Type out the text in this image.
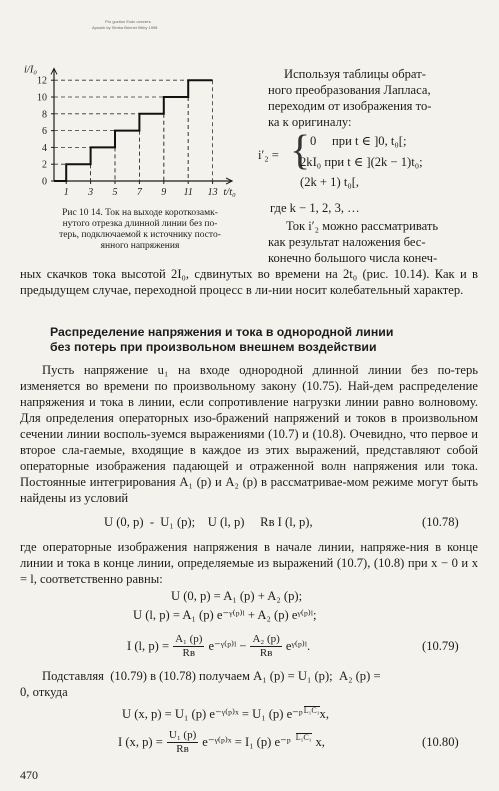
Pro guction Exdc oсесеть
Apsukh by Simba Brinner Bbhy 1998
12
10
8
6
4
2
0
1 3 5 7 9 11 13
i/I₀
t/t₀
Рис 10 14. Ток на выходе короткозамк-
нутого отрезка длинной линии без по-
терь, подключаемой к источнику посто-
янного напряжения
Используя таблицы обрат-
ного преобразования Лапласа,
переходим от изображения то-
ка к оригиналу:
i′₂ = { 0     при t ∈ ]0, t₀[;
2kI₀ при t ∈ ](2k − 1)t₀;
(2k + 1) t₀[,
где k − 1, 2, 3, …
Ток i′₂ можно рассматривать
как результат наложения бес-
конечно большого числа конеч-
ных скачков тока высотой 2I₀, сдвинутых во времени на 2t₀ (рис. 10.14). Как и в предыдущем случае, переходной процесс в ли-нии носит колебательный характер.
Распределение напряжения и тока в однородной линии
без потерь при произвольном внешнем воздействии
Пусть напряжение u₁ на входе однородной длинной линии без по-терь изменяется во времени по произвольному закону (10.75). Най-дем распределение напряжения и тока в линии, если сопротивление нагрузки линии равно волновому. Для определения операторных изо-бражений напряжений и токов в произвольном сечении линии восполь-зуемся выражениями (10.7) и (10.8). Очевидно, что первое и второе сла-гаемые, входящие в каждое из этих выражений, представляют собой операторные изображения падающей и отраженной волн напряжения или тока. Постоянные интегрирования A₁ (p) и A₂ (p) в рассматривае-мом режиме могут быть найдены из условий
U (0, p)  -  U₁ (p);    U (l, p)     Rв I (l, p),	(10.78)
где операторные изображения напряжения в начале линии, напряже-ния в конце линии и тока в конце линии, определяемые из выражений (10.7), (10.8) при x − 0 и x = l, соответственно равны:
U (0, p) = A₁ (p) + A₂ (p);
U (l, p) = A₁ (p) e⁻ᵞ⁽ᵖ⁾ˡ + A₂ (p) eᵞ⁽ᵖ⁾ˡ;
I (l, p) = A₁ (p)
Rв e⁻ᵞ⁽ᵖ⁾ˡ −
A₂ (p)
Rв eᵞ⁽ᵖ⁾ˡ.	(10.79)
Подставляя  (10.79) в (10.78) получаем A₁ (p) = U₁ (p);  A₂ (p) =
0, откуда
U (x, p) = U₁ (p) e⁻ᵞ⁽ᵖ⁾ˣ = U₁ (p) e⁻ᵖ L₁C₁ x,
I (x, p) = U₁ (p)
Rв e⁻ᵞ⁽ᵖ⁾ˣ = I₁ (p) e⁻ᵖ L₁C₁ x,	(10.80)
470
